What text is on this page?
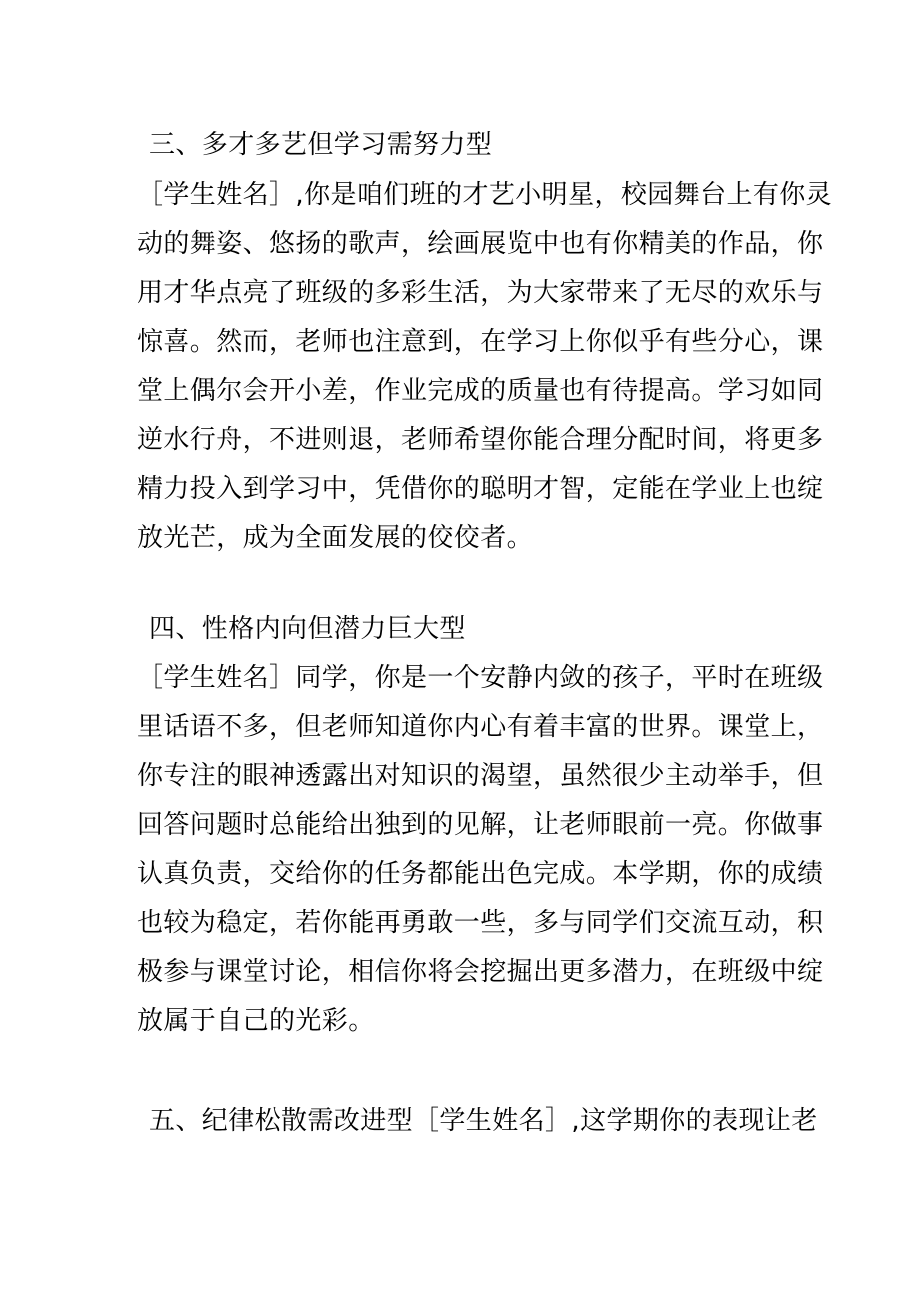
三、多才多艺但学习需努力型
［学生姓名］,你是咱们班的才艺小明星，校园舞台上有你灵
动的舞姿、悠扬的歌声，绘画展览中也有你精美的作品，你
用才华点亮了班级的多彩生活，为大家带来了无尽的欢乐与
惊喜。然而，老师也注意到，在学习上你似乎有些分心，课
堂上偶尔会开小差，作业完成的质量也有待提高。学习如同
逆水行舟，不进则退，老师希望你能合理分配时间，将更多
精力投入到学习中，凭借你的聪明才智，定能在学业上也绽
放光芒，成为全面发展的佼佼者。
四、性格内向但潜力巨大型
［学生姓名］同学，你是一个安静内敛的孩子，平时在班级
里话语不多，但老师知道你内心有着丰富的世界。课堂上，
你专注的眼神透露出对知识的渴望，虽然很少主动举手，但
回答问题时总能给出独到的见解，让老师眼前一亮。你做事
认真负责，交给你的任务都能出色完成。本学期，你的成绩
也较为稳定，若你能再勇敢一些，多与同学们交流互动，积
极参与课堂讨论，相信你将会挖掘出更多潜力，在班级中绽
放属于自己的光彩。
五、纪律松散需改进型［学生姓名］,这学期你的表现让老
